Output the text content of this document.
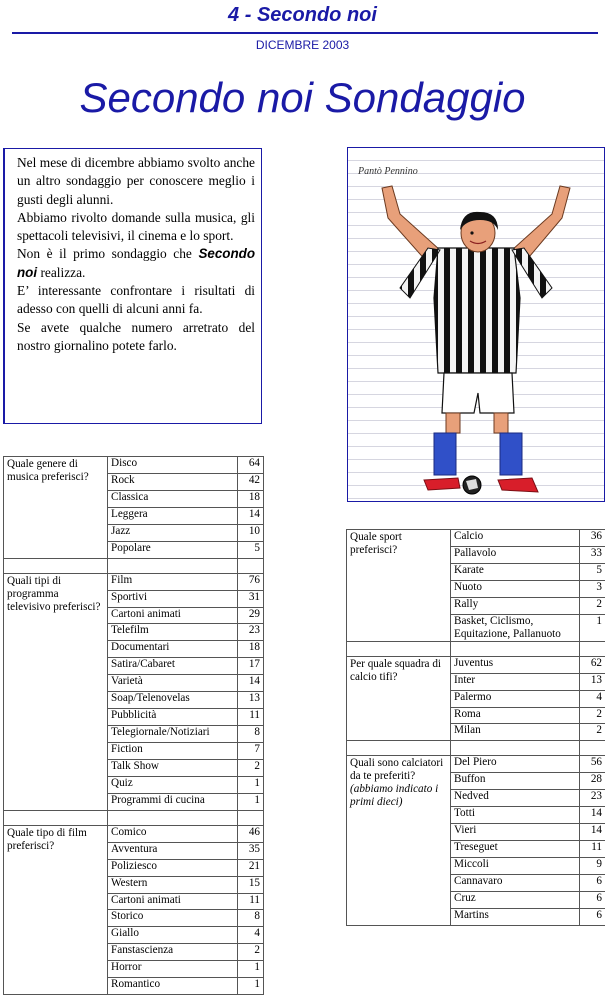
4 - Secondo noi
DICEMBRE 2003
Secondo noi Sondaggio

Nel mese di dicembre abbiamo svolto anche un altro sondaggio per conoscere meglio i gusti degli alunni.

Abbiamo rivolto domande sulla musica, gli spettacoli televisivi, il cinema e lo sport.

Non è il primo sondaggio che Secondo noi realizza.

E’ interessante confrontare i risultati di adesso con quelli di alcuni anni fa.

Se avete qualche numero arretrato del nostro giornalino potete farlo.

Pantò Pennino
Quale genere di musica preferisci?	Disco	64
	Rock	42
	Classica	18
	Leggera	14
	Jazz	10
	Popolare	5

Quali tipi di programma televisivo preferisci?	Film	76
	Sportivi	31
	Cartoni animati	29
	Telefilm	23
	Documentari	18
	Satira/Cabaret	17
	Varietà	14
	Soap/Telenovelas	13
	Pubblicità	11
	Telegiornale/Notiziari	8
	Fiction	7
	Talk Show	2
	Quiz	1
	Programmi di cucina	1

Quale tipo di film preferisci?	Comico	46
	Avventura	35
	Poliziesco	21
	Western	15
	Cartoni animati	11
	Storico	8
	Giallo	4
	Fanstascienza	2
	Horror	1
	Romantico	1
Quale sport preferisci?	Calcio	36
	Pallavolo	33
	Karate	5
	Nuoto	3
	Rally	2
	Basket, Ciclismo, Equitazione, Pallanuoto	1

Per quale squadra di calcio tifi?	Juventus	62
	Inter	13
	Palermo	4
	Roma	2
	Milan	2

Quali sono calciatori da te preferiti?
(abbiamo indicato i primi dieci)	Del Piero	56
	Buffon	28
	Nedved	23
	Totti	14
	Vieri	14
	Treseguet	11
	Miccoli	9
	Cannavaro	6
	Cruz	6
	Martins	6
